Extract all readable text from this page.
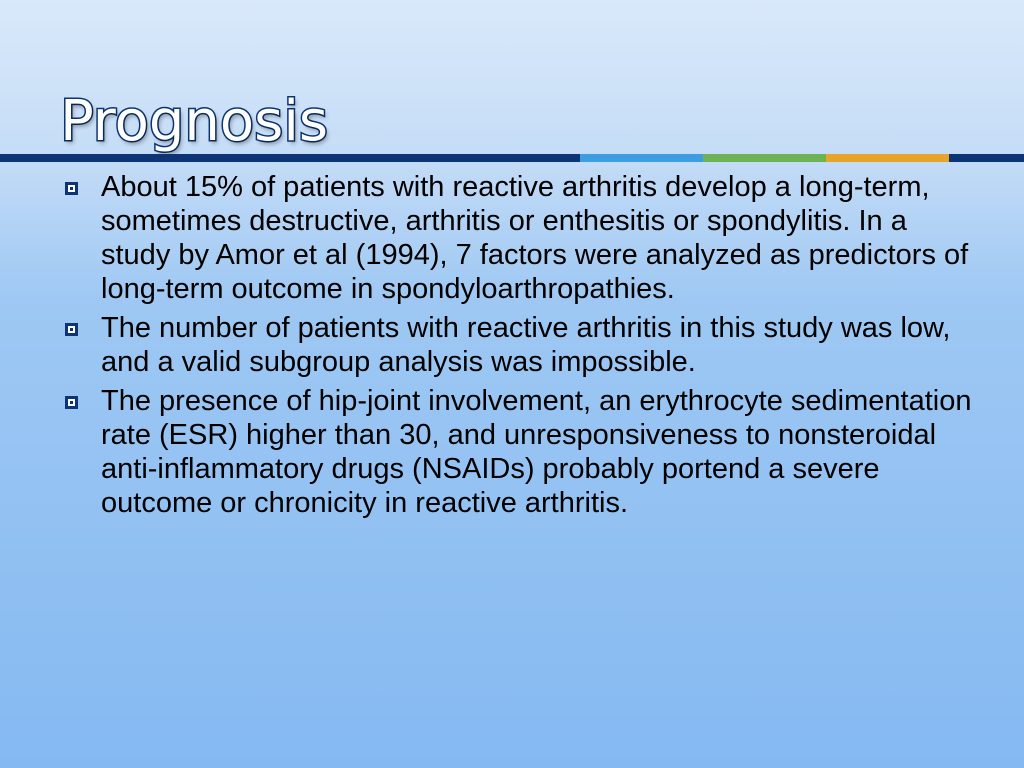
Prognosis
About 15% of patients with reactive arthritis develop a long-term, sometimes destructive, arthritis or enthesitis or spondylitis. In a study by Amor et al (1994), 7 factors were analyzed as predictors of long-term outcome in spondyloarthropathies.
The number of patients with reactive arthritis in this study was low, and a valid subgroup analysis was impossible.
The presence of hip-joint involvement, an erythrocyte sedimentation rate (ESR) higher than 30, and unresponsiveness to nonsteroidal anti-inflammatory drugs (NSAIDs) probably portend a severe outcome or chronicity in reactive arthritis.
